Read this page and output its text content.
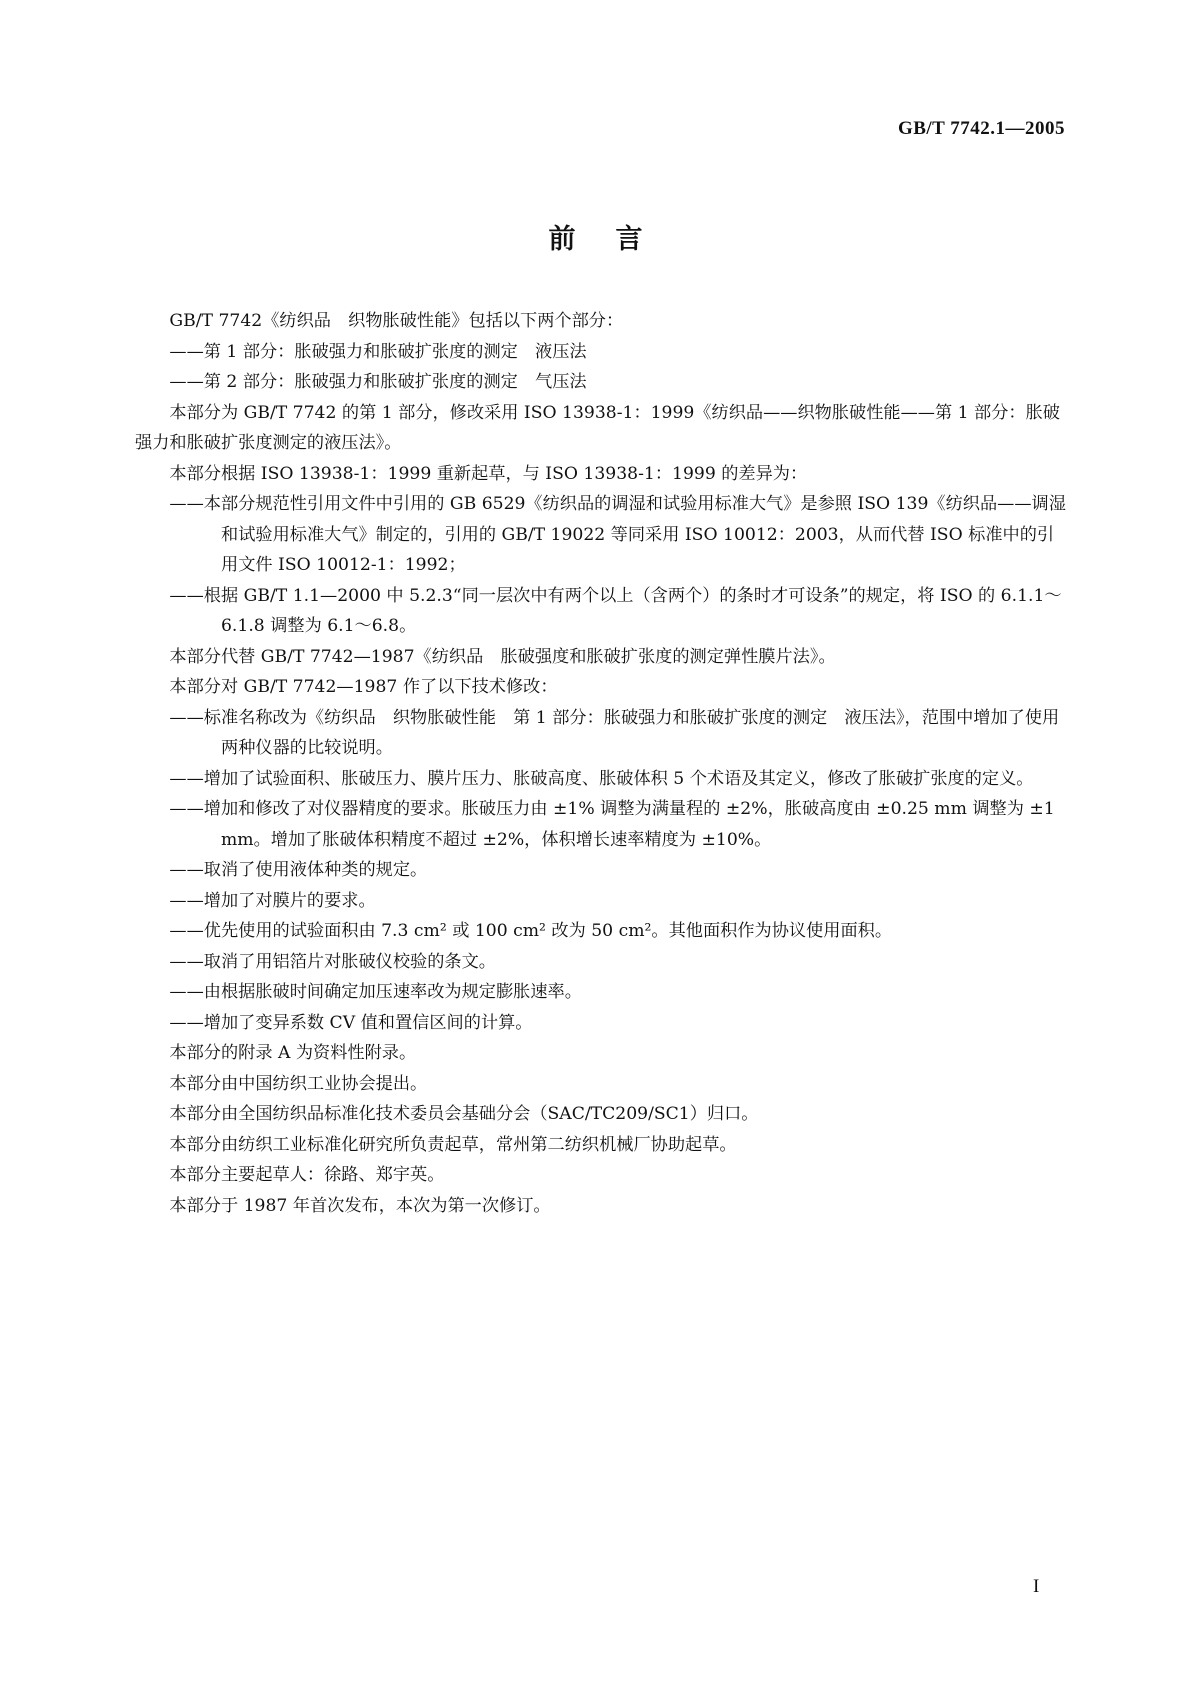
GB/T 7742.1—2005
前言

GB/T 7742《纺织品　织物胀破性能》包括以下两个部分：

——第 1 部分：胀破强力和胀破扩张度的测定　液压法

——第 2 部分：胀破强力和胀破扩张度的测定　气压法

本部分为 GB/T 7742 的第 1 部分，修改采用 ISO 13938-1：1999《纺织品——织物胀破性能——第 1 部分：胀破强力和胀破扩张度测定的液压法》。

本部分根据 ISO 13938-1：1999 重新起草，与 ISO 13938-1：1999 的差异为：

——本部分规范性引用文件中引用的 GB 6529《纺织品的调湿和试验用标准大气》是参照 ISO 139《纺织品——调湿和试验用标准大气》制定的，引用的 GB/T 19022 等同采用 ISO 10012：2003，从而代替 ISO 标准中的引用文件 ISO 10012-1：1992；

——根据 GB/T 1.1—2000 中 5.2.3“同一层次中有两个以上（含两个）的条时才可设条”的规定，将 ISO 的 6.1.1～6.1.8 调整为 6.1～6.8。

本部分代替 GB/T 7742—1987《纺织品　胀破强度和胀破扩张度的测定弹性膜片法》。

本部分对 GB/T 7742—1987 作了以下技术修改：

——标准名称改为《纺织品　织物胀破性能　第 1 部分：胀破强力和胀破扩张度的测定　液压法》，范围中增加了使用两种仪器的比较说明。

——增加了试验面积、胀破压力、膜片压力、胀破高度、胀破体积 5 个术语及其定义，修改了胀破扩张度的定义。

——增加和修改了对仪器精度的要求。胀破压力由 ±1% 调整为满量程的 ±2%，胀破高度由 ±0.25 mm 调整为 ±1 mm。增加了胀破体积精度不超过 ±2%，体积增长速率精度为 ±10%。

——取消了使用液体种类的规定。

——增加了对膜片的要求。

——优先使用的试验面积由 7.3 cm² 或 100 cm² 改为 50 cm²。其他面积作为协议使用面积。

——取消了用铝箔片对胀破仪校验的条文。

——由根据胀破时间确定加压速率改为规定膨胀速率。

——增加了变异系数 CV 值和置信区间的计算。

本部分的附录 A 为资料性附录。

本部分由中国纺织工业协会提出。

本部分由全国纺织品标准化技术委员会基础分会（SAC/TC209/SC1）归口。

本部分由纺织工业标准化研究所负责起草，常州第二纺织机械厂协助起草。

本部分主要起草人：徐路、郑宇英。

本部分于 1987 年首次发布，本次为第一次修订。

I
